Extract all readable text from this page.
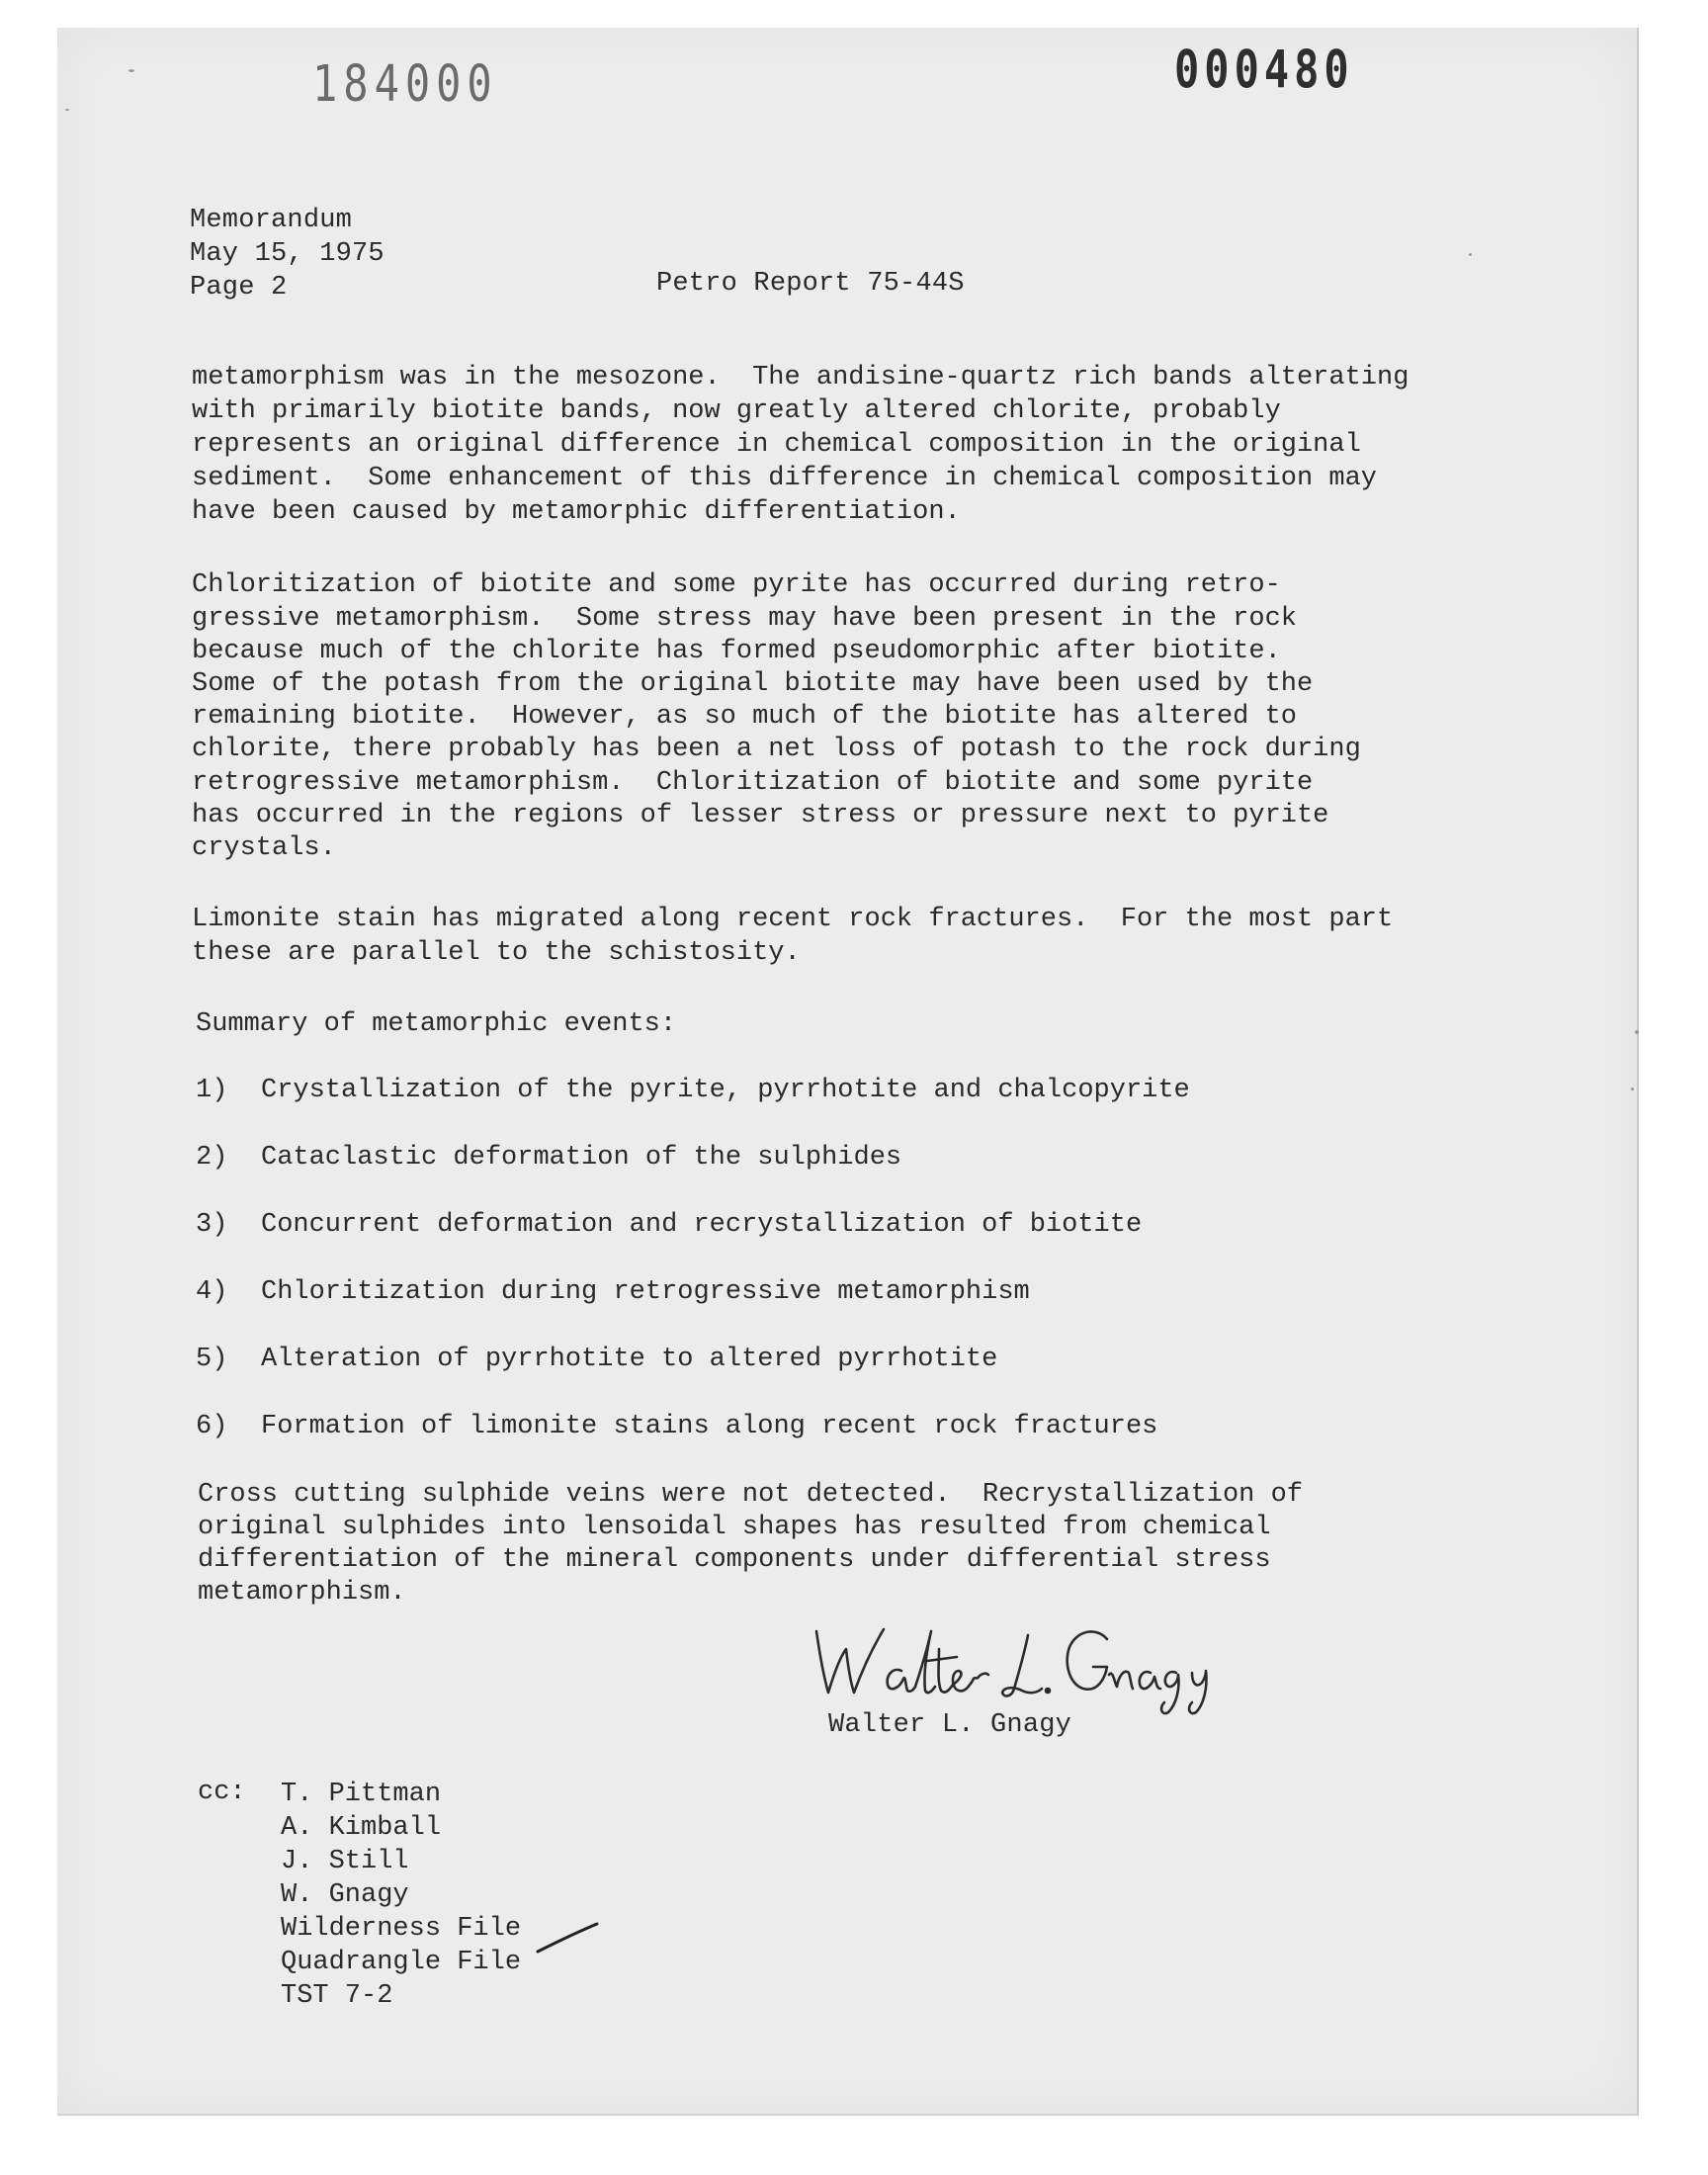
184000	000480
Memorandum
May 15, 1975
Page 2	Petro Report 75-44S
metamorphism was in the mesozone.  The andisine-quartz rich bands alterating
with primarily biotite bands, now greatly altered chlorite, probably
represents an original difference in chemical composition in the original
sediment.  Some enhancement of this difference in chemical composition may
have been caused by metamorphic differentiation.
Chloritization of biotite and some pyrite has occurred during retro-
gressive metamorphism.  Some stress may have been present in the rock
because much of the chlorite has formed pseudomorphic after biotite.
Some of the potash from the original biotite may have been used by the
remaining biotite.  However, as so much of the biotite has altered to
chlorite, there probably has been a net loss of potash to the rock during
retrogressive metamorphism.  Chloritization of biotite and some pyrite
has occurred in the regions of lesser stress or pressure next to pyrite
crystals.
Limonite stain has migrated along recent rock fractures.  For the most part
these are parallel to the schistosity.
Summary of metamorphic events:
1) Crystallization of the pyrite, pyrrhotite and chalcopyrite
2) Cataclastic deformation of the sulphides
3) Concurrent deformation and recrystallization of biotite
4) Chloritization during retrogressive metamorphism
5) Alteration of pyrrhotite to altered pyrrhotite
6) Formation of limonite stains along recent rock fractures
Cross cutting sulphide veins were not detected.  Recrystallization of
original sulphides into lensoidal shapes has resulted from chemical
differentiation of the mineral components under differential stress
metamorphism.
Walter L. Gnagy
cc: T. Pittman
A. Kimball
J. Still
W. Gnagy
Wilderness File
Quadrangle File
TST 7-2
